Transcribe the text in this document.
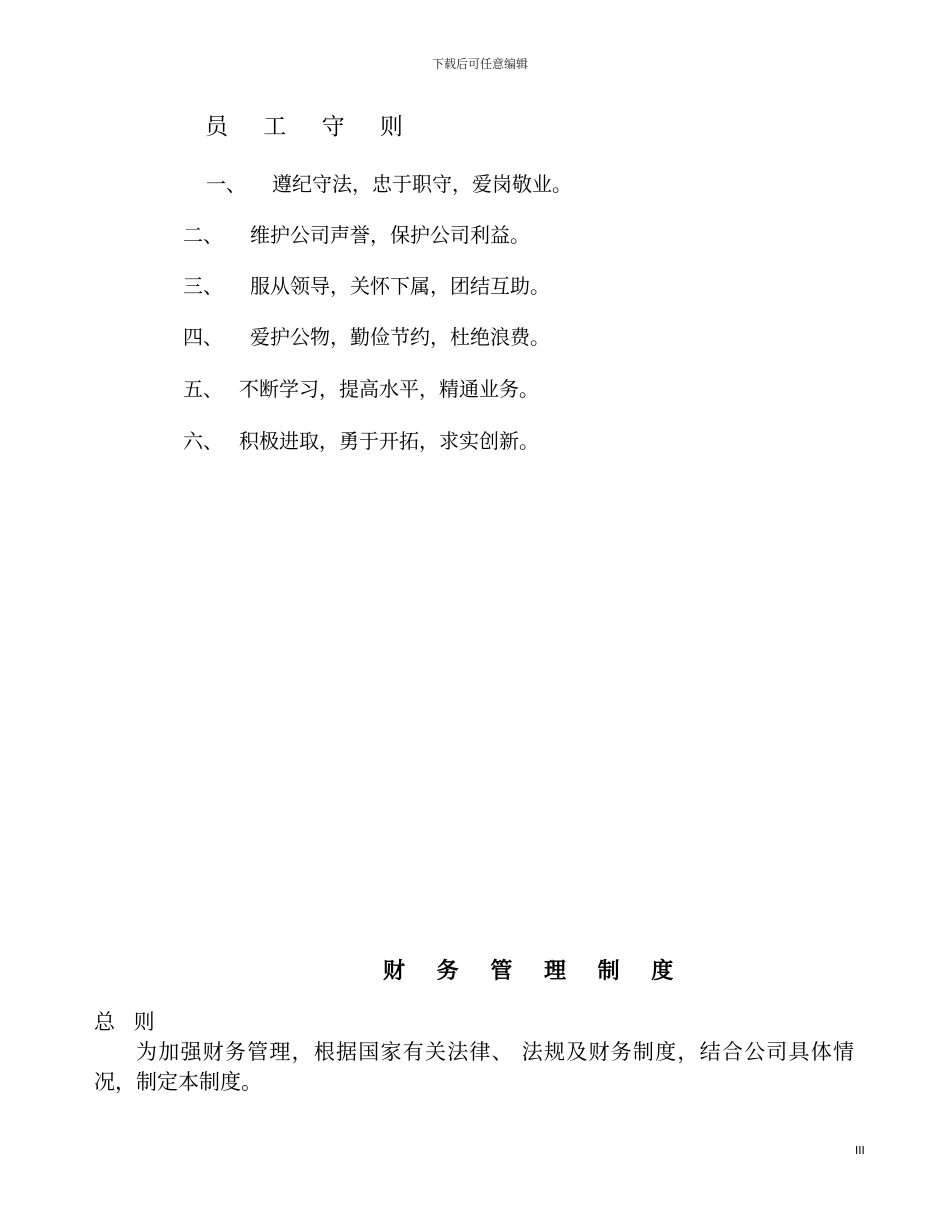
下载后可任意编辑
员 工 守 则
一、 遵纪守法，忠于职守，爱岗敬业。
二、 维护公司声誉，保护公司利益。
三、 服从领导，关怀下属，团结互助。
四、 爱护公物，勤俭节约，杜绝浪费。
五、 不断学习，提高水平，精通业务。
六、 积极进取，勇于开拓，求实创新。
财 务 管 理 制 度
总 则
为加强财务管理，根据国家有关法律、 法规及财务制度，结合公司具体情况，制定本制度。
III
